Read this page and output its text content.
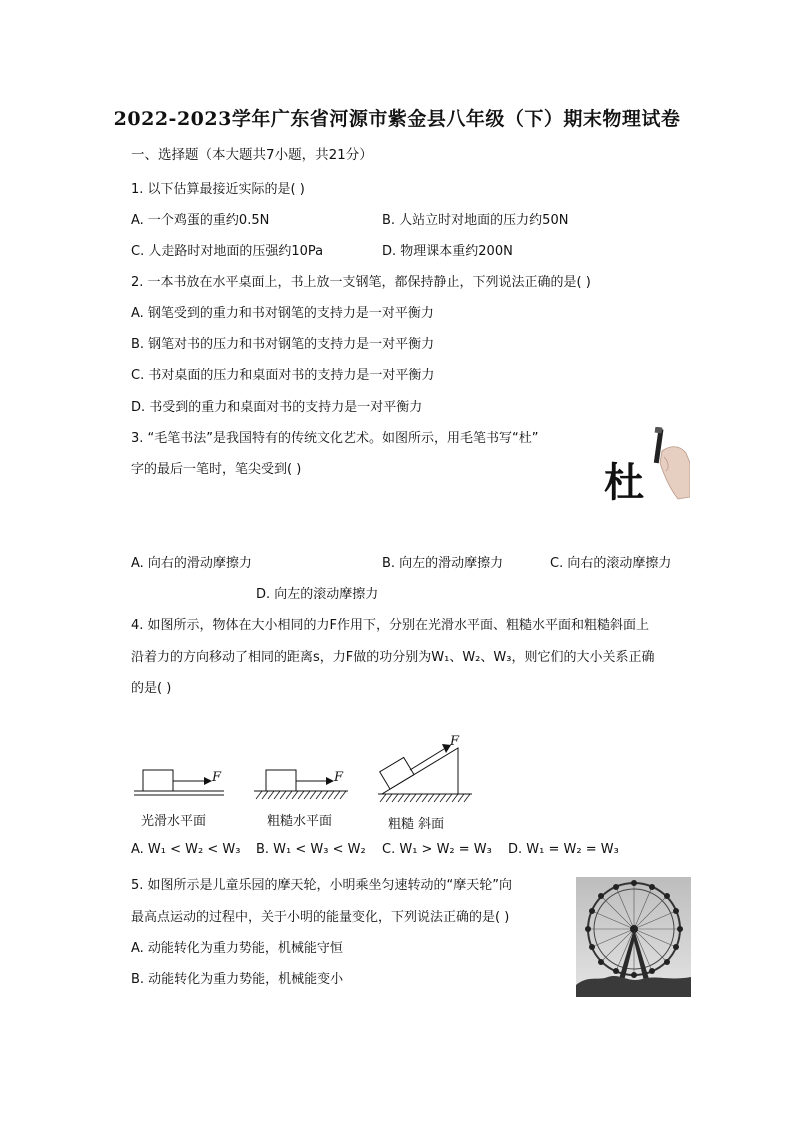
2022-2023学年广东省河源市紫金县八年级（下）期末物理试卷
一、选择题（本大题共7小题，共21分）
1. 以下估算最接近实际的是( )
A. 一个鸡蛋的重约0.5N	B. 人站立时对地面的压力约50N
C. 人走路时对地面的压强约10Pa	D. 物理课本重约200N
2. 一本书放在水平桌面上，书上放一支钢笔，都保持静止，下列说法正确的是( )
A. 钢笔受到的重力和书对钢笔的支持力是一对平衡力
B. 钢笔对书的压力和书对钢笔的支持力是一对平衡力
C. 书对桌面的压力和桌面对书的支持力是一对平衡力
D. 书受到的重力和桌面对书的支持力是一对平衡力
3. “毛笔书法”是我国特有的传统文化艺术。如图所示，用毛笔书写“杜”
字的最后一笔时，笔尖受到( )	杜
A. 向右的滑动摩擦力	B. 向左的滑动摩擦力	C. 向右的滚动摩擦力
D. 向左的滚动摩擦力
4. 如图所示，物体在大小相同的力F作用下，分别在光滑水平面、粗糙水平面和粗糙斜面上
沿着力的方向移动了相同的距离s，力F做的功分别为W₁、W₂、W₃，则它们的大小关系正确
的是( )
F
光滑水平面
F
粗糙水平面
F
粗糙 斜面
A. W₁ < W₂ < W₃ B. W₁ < W₃ < W₂ C. W₁ > W₂ = W₃ D. W₁ = W₂ = W₃
5. 如图所示是儿童乐园的摩天轮，小明乘坐匀速转动的“摩天轮”向
最高点运动的过程中，关于小明的能量变化，下列说法正确的是( )
A. 动能转化为重力势能，机械能守恒
B. 动能转化为重力势能，机械能变小
